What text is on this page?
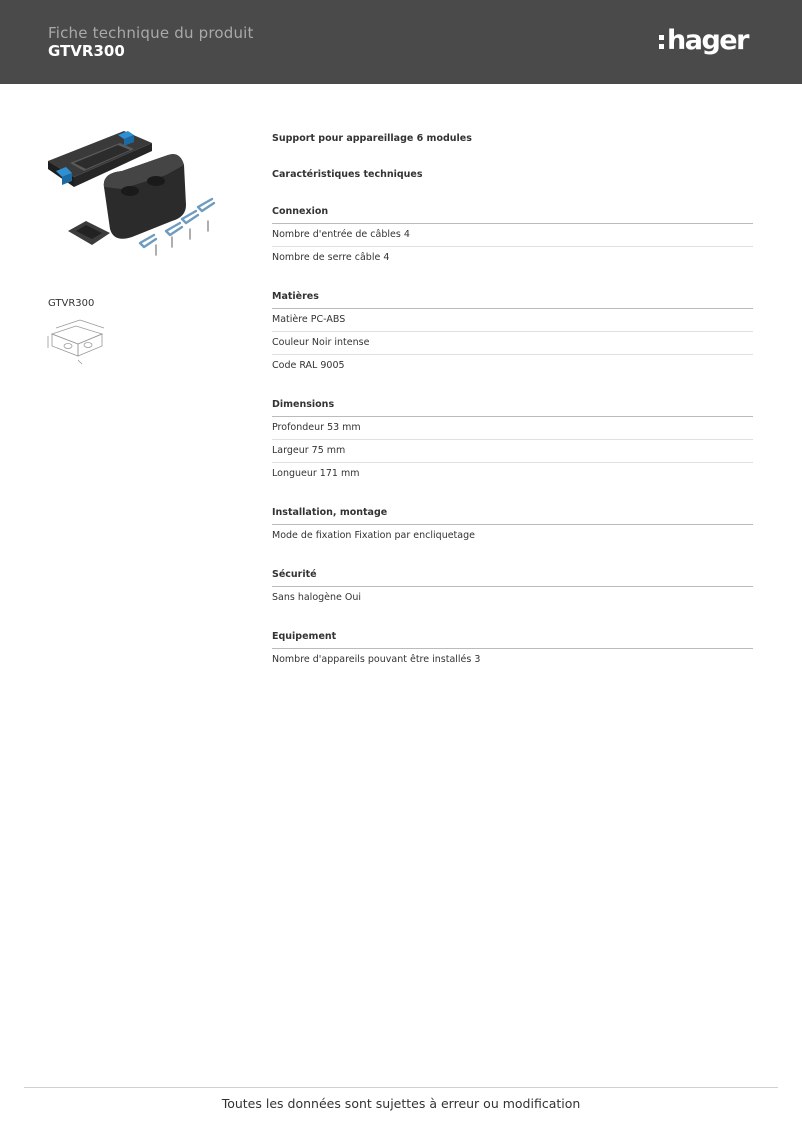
Fiche technique du produit
GTVR300	hager
GTVR300
Support pour appareillage 6 modules
Caractéristiques techniques
Connexion
Nombre d'entrée de câbles 4
Nombre de serre câble 4
Matières
Matière PC-ABS
Couleur Noir intense
Code RAL 9005
Dimensions
Profondeur 53 mm
Largeur 75 mm
Longueur 171 mm
Installation, montage
Mode de fixation Fixation par encliquetage
Sécurité
Sans halogène Oui
Equipement
Nombre d'appareils pouvant être installés 3
Toutes les données sont sujettes à erreur ou modification
